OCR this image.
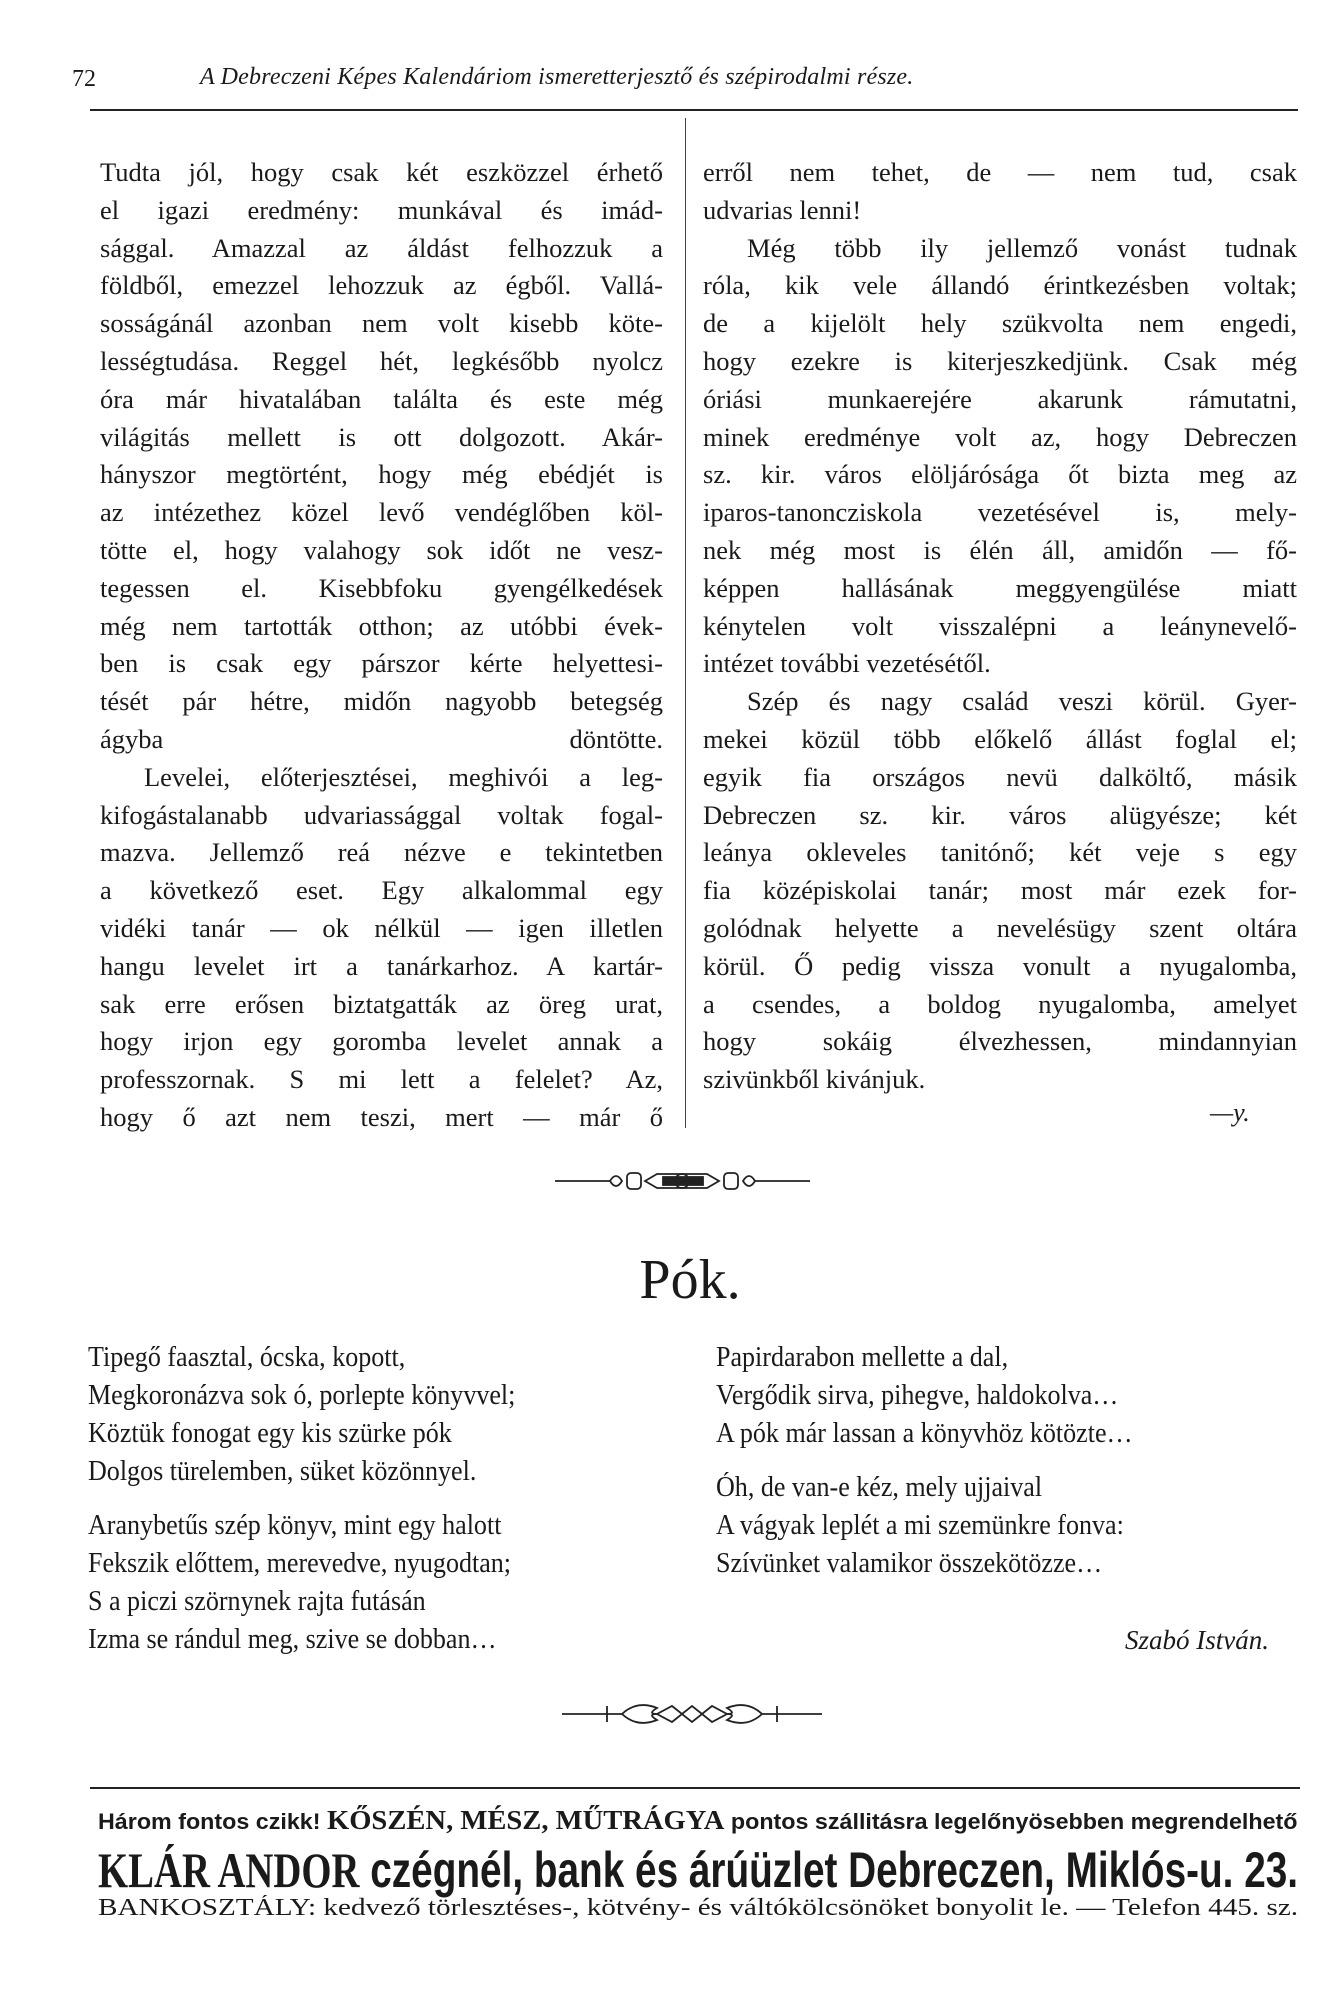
72	A Debreczeni Képes Kalendáriom ismeretterjesztő és szépirodalmi része.
Tudta jól, hogy csak két eszközzel érhető
el igazi eredmény: munkával és imád-
sággal. Amazzal az áldást felhozzuk a
földből, emezzel lehozzuk az égből. Vallá-
sosságánál azonban nem volt kisebb köte-
lességtudása. Reggel hét, legkésőbb nyolcz
óra már hivatalában találta és este még
világitás mellett is ott dolgozott. Akár-
hányszor megtörtént, hogy még ebédjét is
az intézethez közel levő vendéglőben köl-
tötte el, hogy valahogy sok időt ne vesz-
tegessen el. Kisebbfoku gyengélkedések
még nem tartották otthon; az utóbbi évek-
ben is csak egy párszor kérte helyettesi-
tését pár hétre, midőn nagyobb betegség
ágyba döntötte.
Levelei, előterjesztései, meghivói a leg-
kifogástalanabb udvariassággal voltak fogal-
mazva. Jellemző reá nézve e tekintetben
a következő eset. Egy alkalommal egy
vidéki tanár — ok nélkül — igen illetlen
hangu levelet irt a tanárkarhoz. A kartár-
sak erre erősen biztatgatták az öreg urat,
hogy irjon egy goromba levelet annak a
professzornak. S mi lett a felelet? Az,
hogy ő azt nem teszi, mert — már ő
erről nem tehet, de — nem tud, csak
udvarias lenni!
Még több ily jellemző vonást tudnak
róla, kik vele állandó érintkezésben voltak;
de a kijelölt hely szükvolta nem engedi,
hogy ezekre is kiterjeszkedjünk. Csak még
óriási munkaerejére akarunk rámutatni,
minek eredménye volt az, hogy Debreczen
sz. kir. város elöljárósága őt bizta meg az
iparos-tanoncziskola vezetésével is, mely-
nek még most is élén áll, amidőn — fő-
képpen hallásának meggyengülése miatt
kénytelen volt visszalépni a leánynevelő-
intézet további vezetésétől.
Szép és nagy család veszi körül. Gyer-
mekei közül több előkelő állást foglal el;
egyik fia országos nevü dalköltő, másik
Debreczen sz. kir. város alügyésze; két
leánya okleveles tanitónő; két veje s egy
fia középiskolai tanár; most már ezek for-
golódnak helyette a nevelésügy szent oltára
körül. Ő pedig vissza vonult a nyugalomba,
a csendes, a boldog nyugalomba, amelyet
hogy sokáig élvezhessen, mindannyian
szivünkből kivánjuk.
—y.
Pók.
Tipegő faasztal, ócska, kopott,
Megkoronázva sok ó, porlepte könyvvel;
Köztük fonogat egy kis szürke pók
Dolgos türelemben, süket közönnyel.
Aranybetűs szép könyv, mint egy halott
Fekszik előttem, merevedve, nyugodtan;
S a piczi szörnynek rajta futásán
Izma se rándul meg, szive se dobban…
Papirdarabon mellette a dal,
Vergődik sirva, pihegve, haldokolva…
A pók már lassan a könyvhöz kötözte…
Óh, de van-e kéz, mely ujjaival
A vágyak leplét a mi szemünkre fonva:
Szívünket valamikor összekötözze…
Szabó István.
Három fontos czikk! KŐSZÉN, MÉSZ, MŰTRÁGYA pontos szállitásra legelőnyösebben megrendelhető
KLÁR ANDOR czégnél, bank és árúüzlet Debreczen, Miklós-u. 23.
BANKOSZTÁLY: kedvező törlesztéses-, kötvény- és váltókölcsönöket bonyolit le. — Telefon 445. sz.
